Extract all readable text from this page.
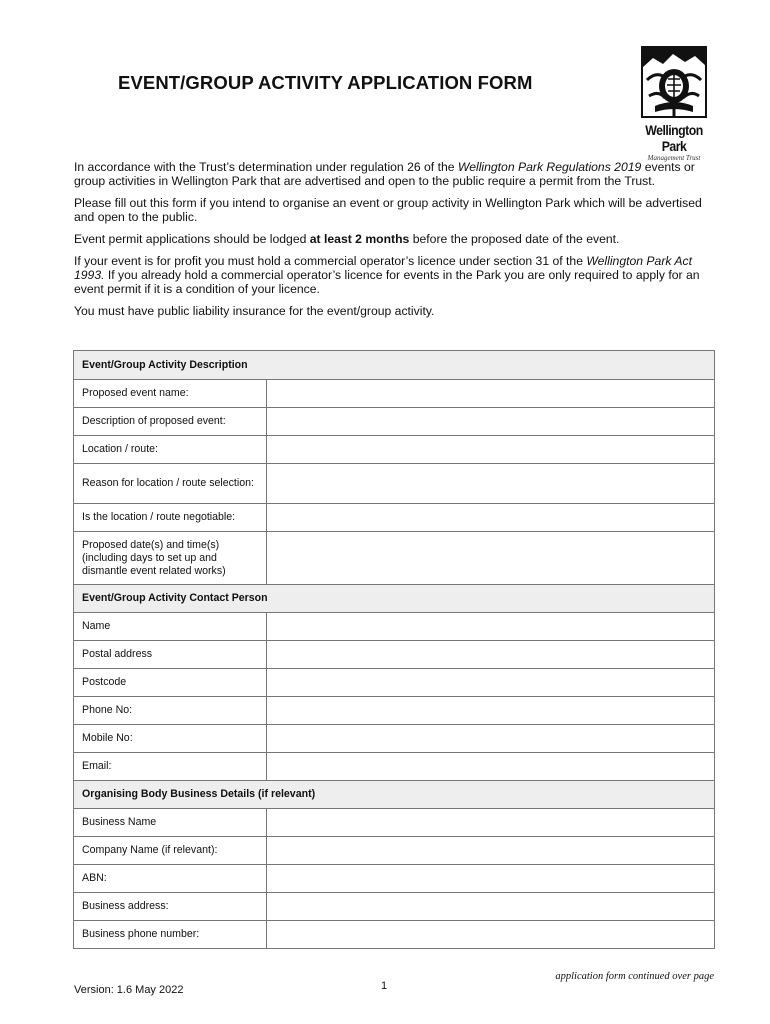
EVENT/GROUP ACTIVITY APPLICATION FORM
Wellington Park
Management Trust

In accordance with the Trust’s determination under regulation 26 of the Wellington Park Regulations 2019 events or group activities in Wellington Park that are advertised and open to the public require a permit from the Trust.

Please fill out this form if you intend to organise an event or group activity in Wellington Park which will be advertised and open to the public.

Event permit applications should be lodged at least 2 months before the proposed date of the event.

If your event is for profit you must hold a commercial operator’s licence under section 31 of the Wellington Park Act 1993. If you already hold a commercial operator’s licence for events in the Park you are only required to apply for an event permit if it is a condition of your licence.

You must have public liability insurance for the event/group activity.

Event/Group Activity Description	
Proposed event name:	
Description of proposed event:	
Location / route:	
Reason for location / route selection:	
Is the location / route negotiable:	
Proposed date(s) and time(s) (including days to set up and dismantle event related works)	
Event/Group Activity Contact Person	
Name	
Postal address	
Postcode	
Phone No:	
Mobile No:	
Email:	
Organising Body Business Details (if relevant)	
Business Name	
Company Name (if relevant):	
ABN:	
Business address:	
Business phone number:	
Version: 1.6 May 2022	1
application form continued over page
